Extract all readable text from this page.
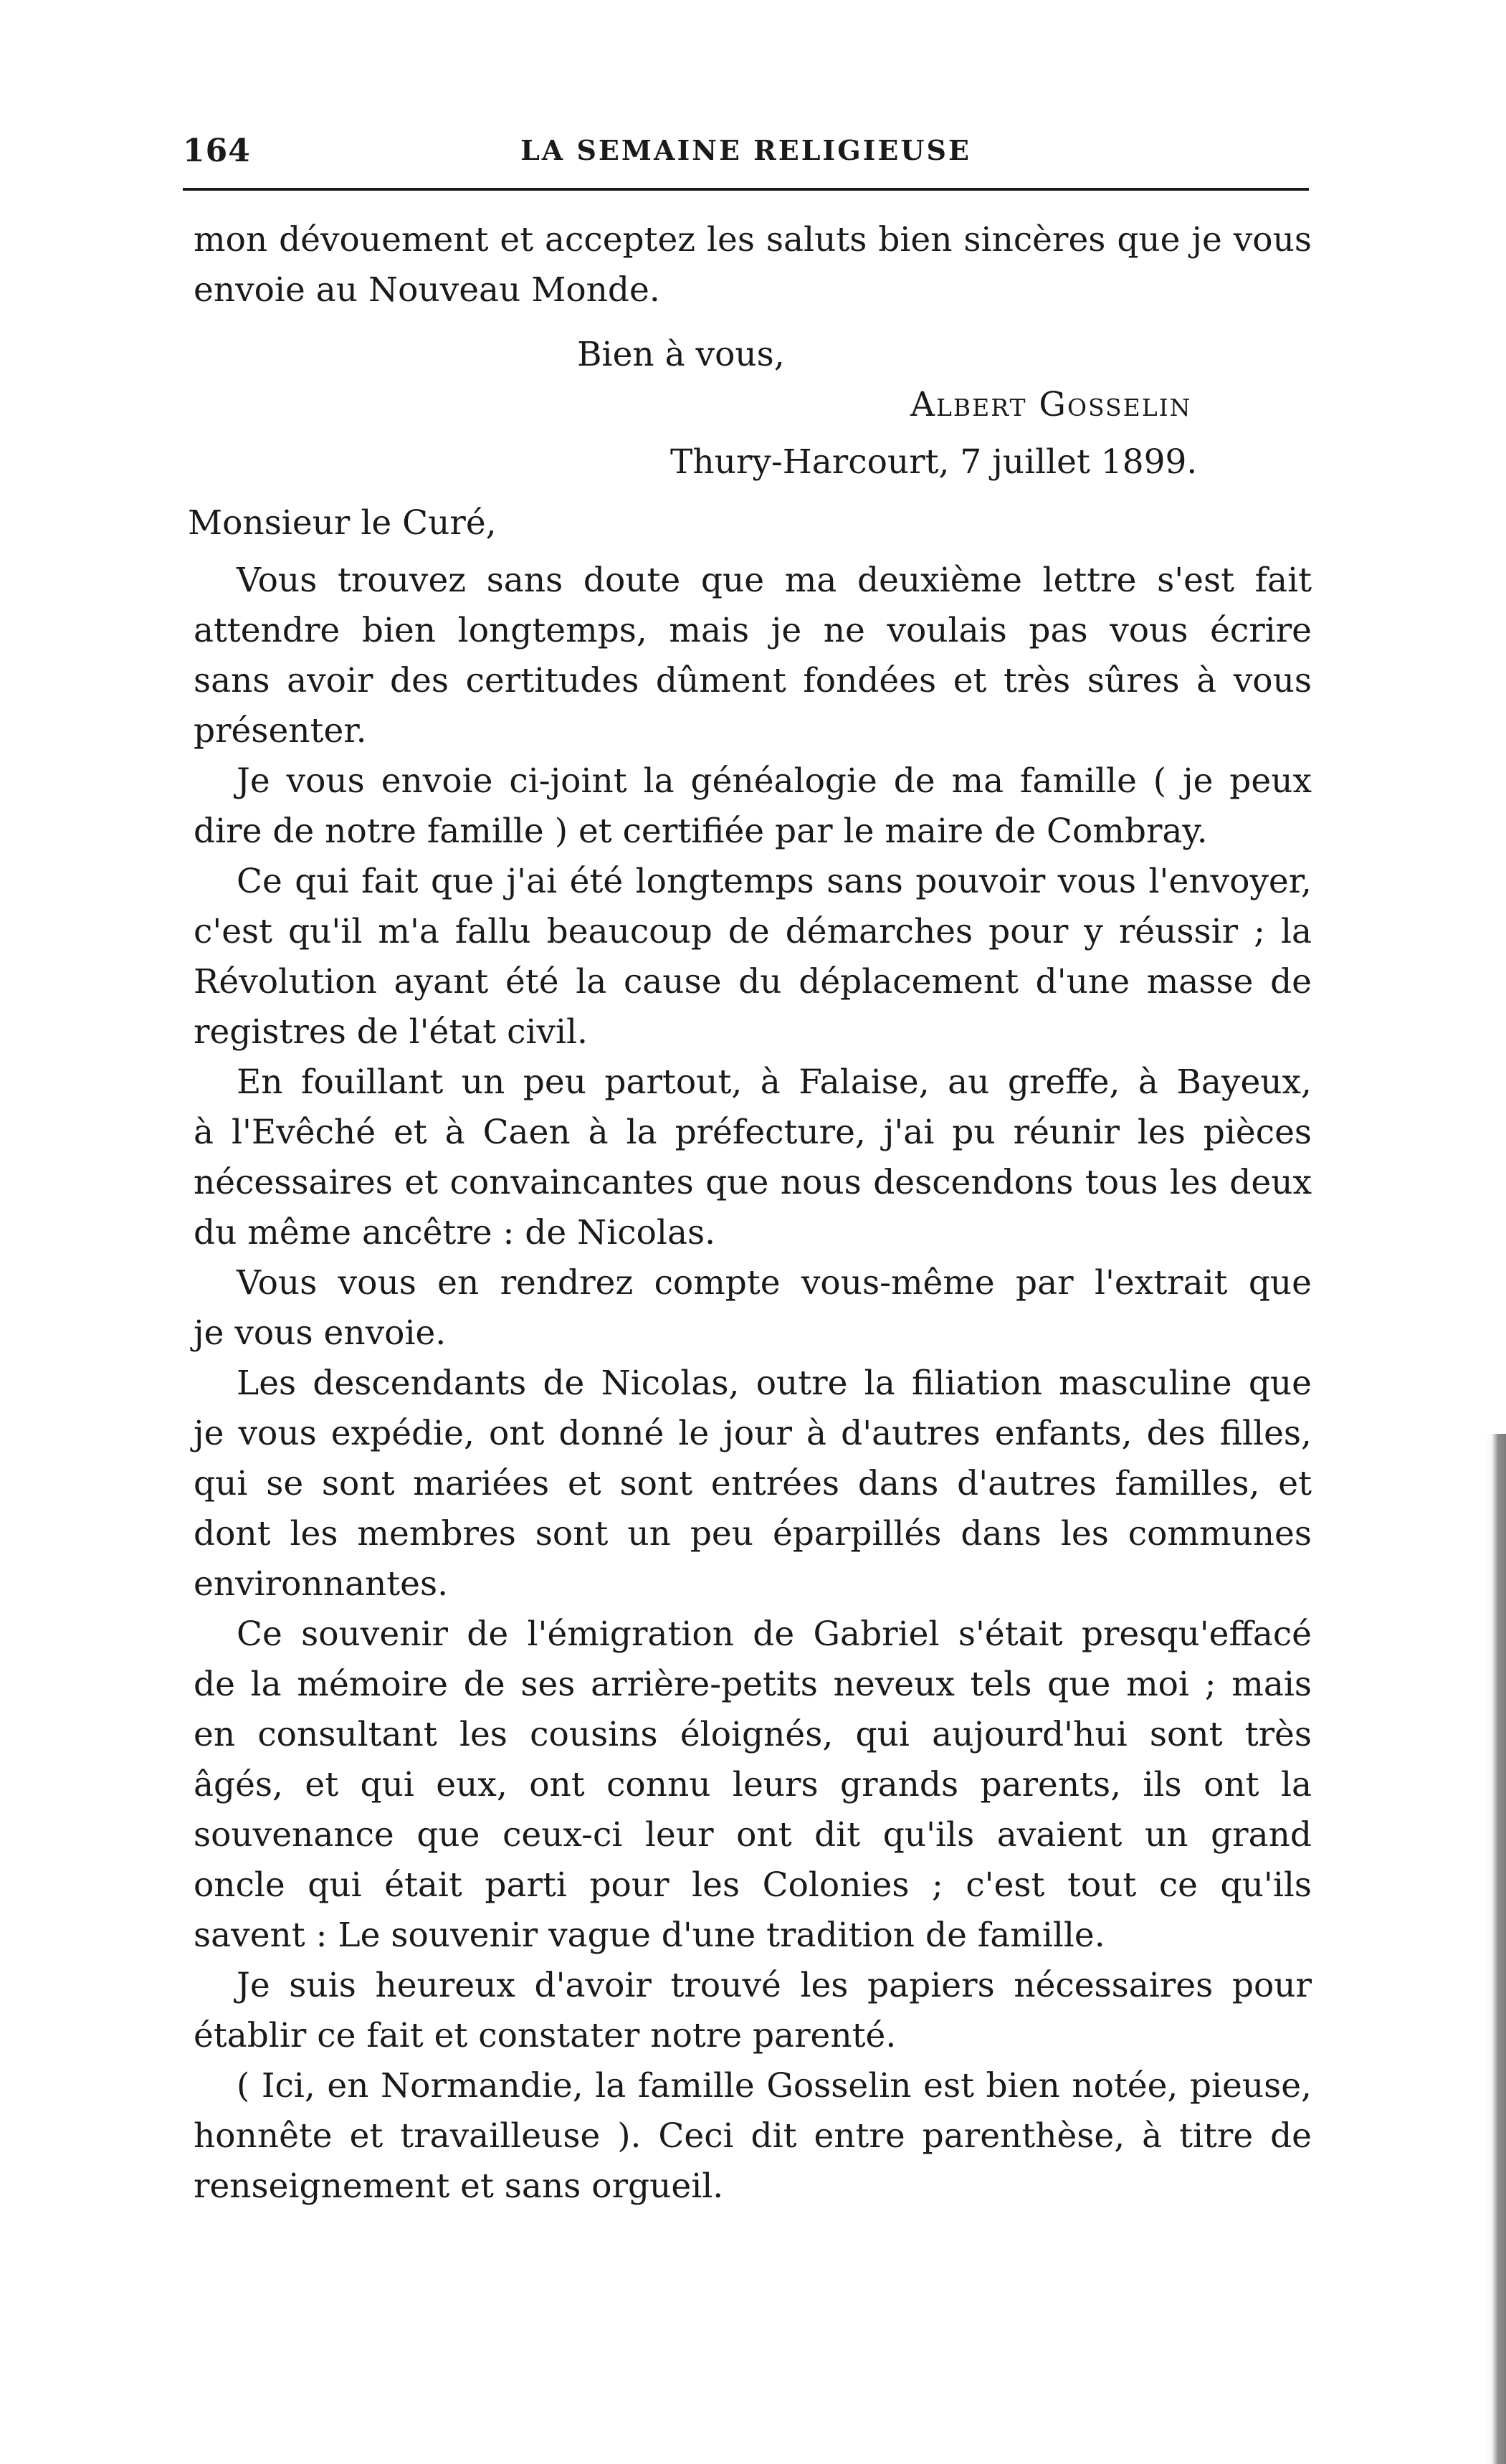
164	LA SEMAINE RELIGIEUSE
mon dévouement et acceptez les saluts bien sincères que je vous
envoie au Nouveau Monde.
Bien à vous,
Albert Gosselin
Thury-Harcourt, 7 juillet 1899.
Monsieur le Curé,

Vous trouvez sans doute que ma deuxième lettre s'est fait
attendre bien longtemps, mais je ne voulais pas vous écrire
sans avoir des certitudes dûment fondées et très sûres à vous
présenter.

Je vous envoie ci-joint la généalogie de ma famille ( je peux
dire de notre famille ) et certifiée par le maire de Combray.

Ce qui fait que j'ai été longtemps sans pouvoir vous l'envoyer,
c'est qu'il m'a fallu beaucoup de démarches pour y réussir ; la
Révolution ayant été la cause du déplacement d'une masse de
registres de l'état civil.

En fouillant un peu partout, à Falaise, au greffe, à Bayeux,
à l'Evêché et à Caen à la préfecture, j'ai pu réunir les pièces
nécessaires et convaincantes que nous descendons tous les deux
du même ancêtre : de Nicolas.

Vous vous en rendrez compte vous-même par l'extrait que
je vous envoie.

Les descendants de Nicolas, outre la filiation masculine que
je vous expédie, ont donné le jour à d'autres enfants, des filles,
qui se sont mariées et sont entrées dans d'autres familles, et
dont les membres sont un peu éparpillés dans les communes
environnantes.

Ce souvenir de l'émigration de Gabriel s'était presqu'effacé
de la mémoire de ses arrière-petits neveux tels que moi ; mais
en consultant les cousins éloignés, qui aujourd'hui sont très
âgés, et qui eux, ont connu leurs grands parents, ils ont la
souvenance que ceux-ci leur ont dit qu'ils avaient un grand
oncle qui était parti pour les Colonies ; c'est tout ce qu'ils
savent : Le souvenir vague d'une tradition de famille.

Je suis heureux d'avoir trouvé les papiers nécessaires pour
établir ce fait et constater notre parenté.

( Ici, en Normandie, la famille Gosselin est bien notée, pieuse,
honnête et travailleuse ). Ceci dit entre parenthèse, à titre de
renseignement et sans orgueil.
